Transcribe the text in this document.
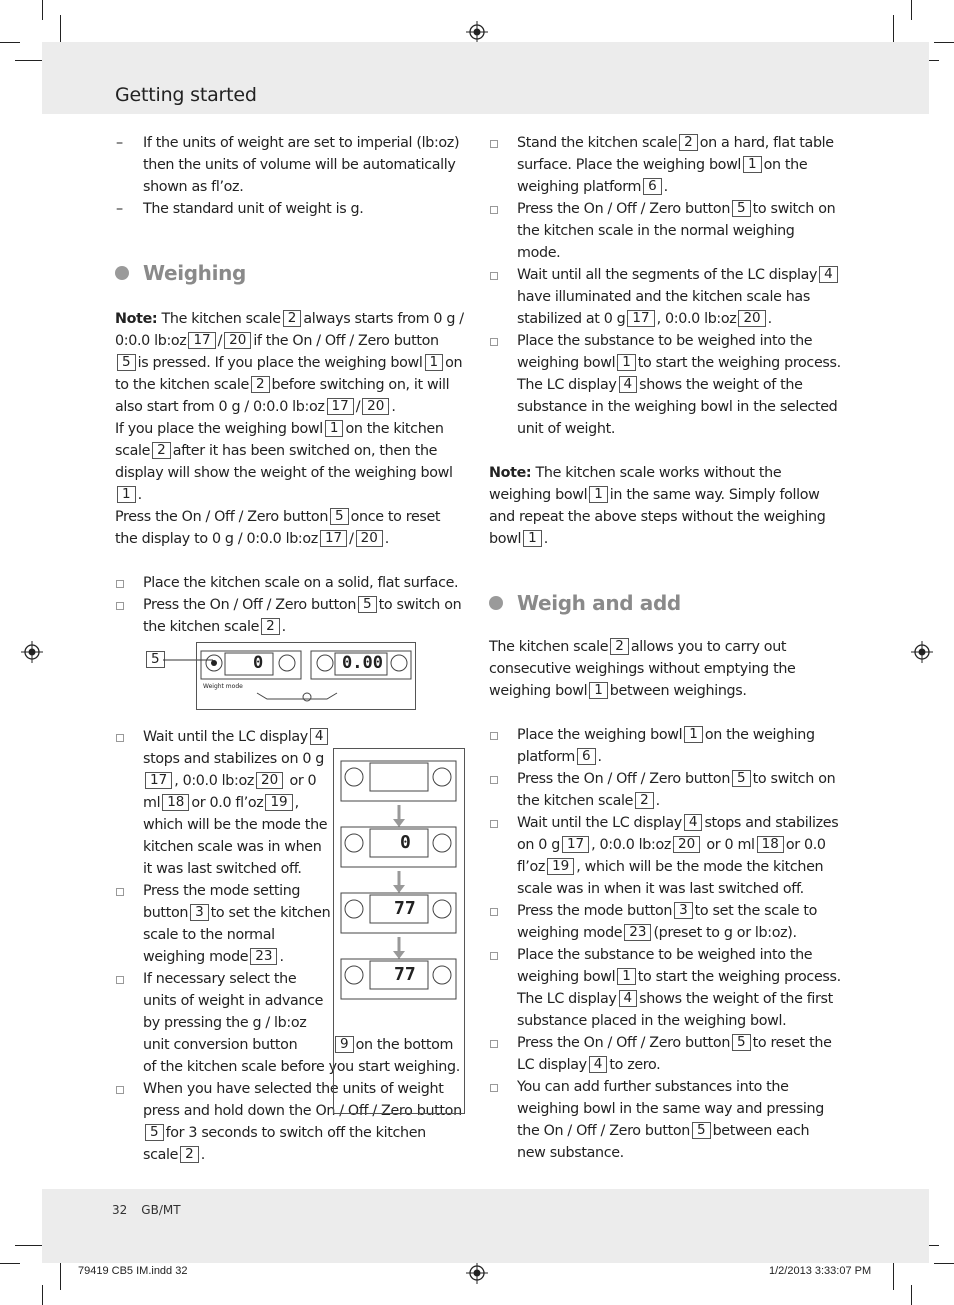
Getting started
32 GB/MT
79419 CB5 IM.indd 32	1/2/2013 3:33:07 PM
– If the units of weight are set to imperial (lb:oz) then the units of volume will be automatically shown as fl’oz.
– The standard unit of weight is g.
Weighing

Note: The kitchen scale 2 always starts from 0 g / 0:0.0 lb:oz 17 / 20 if the On / Off / Zero button 5 is pressed. If you place the weighing bowl 1 on to the kitchen scale 2 before switching on, it will also start from 0 g / 0:0.0 lb:oz 17 / 20 .

If you place the weighing bowl 1 on the kitchen scale 2 after it has been switched on, then the display will show the weight of the weighing bowl 1 .

Press the On / Off / Zero button 5 once to reset the display to 0 g / 0:0.0 lb:oz 17 / 20 .

Place the kitchen scale on a solid, flat surface.
Press the On / Off / Zero button 5 to switch on the kitchen scale 2 .
Wait until the LC display 4stops and stabilizes on 0 g17 , 0:0.0 lb:oz 20 or 0 ml 18 or 0.0 fl’oz 19 , which will be the mode the kitchen scale was in when it was last switched off.
Press the mode setting button 3 to set the kitchen scale to the normal weighing mode 23 .
If necessary select the units of weight in advance by pressing the g / lb:oz unit conversion button	9 on the bottom of the kitchen scale before you start weighing.
When you have selected the units of weight press and hold down the On / Off / Zero button5 for 3 seconds to switch off the kitchen scale 2 .
5	0	0.00
Weight mode
0
77
77
Stand the kitchen scale 2 on a hard, flat table surface. Place the weighing bowl 1 on the weighing platform 6 .
Press the On / Off / Zero button 5 to switch on the kitchen scale in the normal weighing mode.
Wait until all the segments of the LC display 4have illuminated and the kitchen scale has stabilized at 0 g 17 , 0:0.0 lb:oz 20 .
Place the substance to be weighed into the weighing bowl 1 to start the weighing process. The LC display 4 shows the weight of the substance in the weighing bowl in the selected unit of weight.

Note: The kitchen scale works without the weighing bowl 1 in the same way. Simply follow and repeat the above steps without the weighing bowl 1 .

Weigh and add

The kitchen scale 2 allows you to carry out consecutive weighings without emptying the weighing bowl 1 between weighings.

Place the weighing bowl 1 on the weighing platform 6 .
Press the On / Off / Zero button 5 to switch on the kitchen scale 2 .
Wait until the LC display 4 stops and stabilizes on 0 g 17 , 0:0.0 lb:oz 20 or 0 ml 18 or 0.0 fl’oz 19 , which will be the mode the kitchen scale was in when it was last switched off.
Press the mode button 3 to set the scale to weighing mode 23 (preset to g or lb:oz).
Place the substance to be weighed into the weighing bowl 1 to start the weighing process. The LC display 4 shows the weight of the first substance placed in the weighing bowl.
Press the On / Off / Zero button 5 to reset the LC display 4 to zero.
You can add further substances into the weighing bowl in the same way and pressing the On / Off / Zero button 5 between each new substance.
